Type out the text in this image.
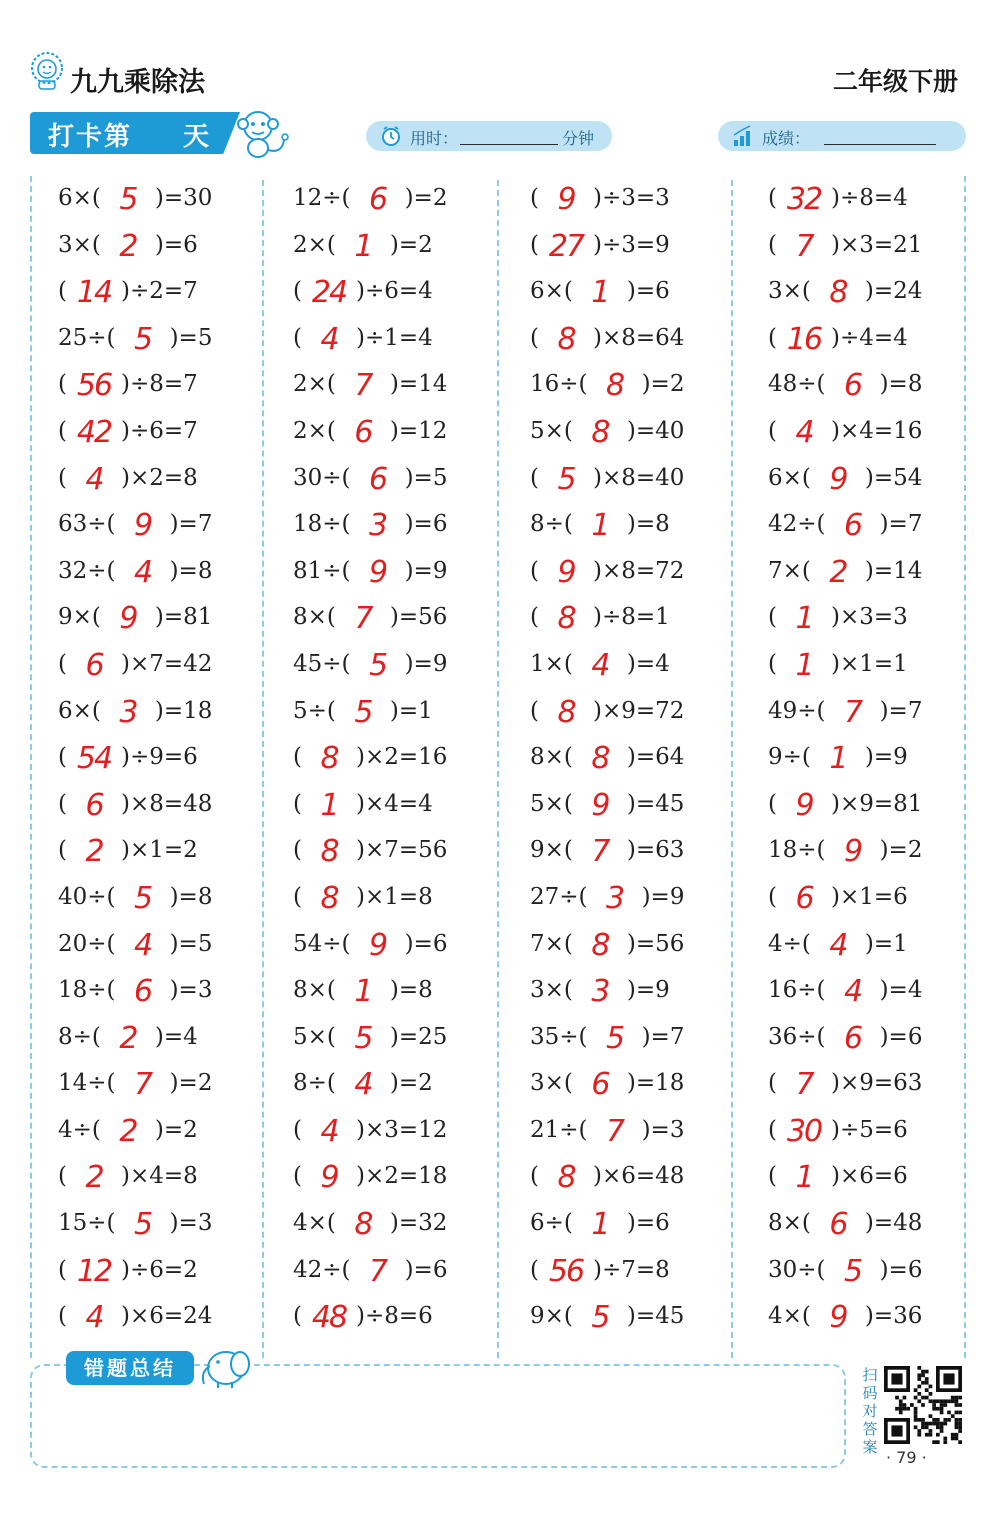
九九乘除法	二年级下册
打卡第 天	用时：	分钟	成绩：
6× ( )
5	=30
3× ( )
2	=6
( )
14 ÷2=7
25÷ ( )
5	=5
( )
56 ÷8=7
( )
42 ÷6=7
( )
4	×2=8
63÷ ( )
9	=7
32÷ ( )
4	=8
9× ( )
9	=81
( )
6	×7=42
6× ( )
3	=18
( )
54 ÷9=6
( )
6	×8=48
( )
2	×1=2
40÷ ( )
5	=8
20÷ ( )
4	=5
18÷ ( )
6	=3
8÷ ( )
2	=4
14÷ ( )
7	=2
4÷ ( )
2	=2
( )
2	×4=8
15÷ ( )
5	=3
( )
12 ÷6=2
( )
4	×6=24
12÷ ( )
6	=2
2× ( )
1	=2
( )
24 ÷6=4
( )
4	÷1=4
2× ( )
7	=14
2× ( )
6	=12
30÷ ( )
6	=5
18÷ ( )
3	=6
81÷ ( )
9	=9
8× ( )
7	=56
45÷ ( )
5	=9
5÷ ( )
5	=1
( )
8	×2=16
( )
1	×4=4
( )
8	×7=56
( )
8	×1=8
54÷ ( )
9	=6
8× ( )
1	=8
5× ( )
5	=25
8÷ ( )
4	=2
( )
4	×3=12
( )
9	×2=18
4× ( )
8	=32
42÷ ( )
7	=6
( )
48 ÷8=6
( )
9	÷3=3
( )
27 ÷3=9
6× ( )
1	=6
( )
8	×8=64
16÷ ( )
8	=2
5× ( )
8	=40
( )
5	×8=40
8÷ ( )
1	=8
( )
9	×8=72
( )
8	÷8=1
1× ( )
4	=4
( )
8	×9=72
8× ( )
8	=64
5× ( )
9	=45
9× ( )
7	=63
27÷ ( )
3	=9
7× ( )
8	=56
3× ( )
3	=9
35÷ ( )
5	=7
3× ( )
6	=18
21÷ ( )
7	=3
( )
8	×6=48
6÷ ( )
1	=6
( )
56 ÷7=8
9× ( )
5	=45
( )
32 ÷8=4
( )
7	×3=21
3× ( )
8	=24
( )
16 ÷4=4
48÷ ( )
6	=8
( )
4	×4=16
6× ( )
9	=54
42÷ ( )
6	=7
7× ( )
2	=14
( )
1	×3=3
( )
1	×1=1
49÷ ( )
7	=7
9÷ ( )
1	=9
( )
9	×9=81
18÷ ( )
9	=2
( )
6	×1=6
4÷ ( )
4	=1
16÷ ( )
4	=4
36÷ ( )
6	=6
( )
7	×9=63
( )
30 ÷5=6
( )
1	×6=6
8× ( )
6	=48
30÷ ( )
5	=6
4× ( )
9	=36
错题总结	扫码对答案
· 79 ·
